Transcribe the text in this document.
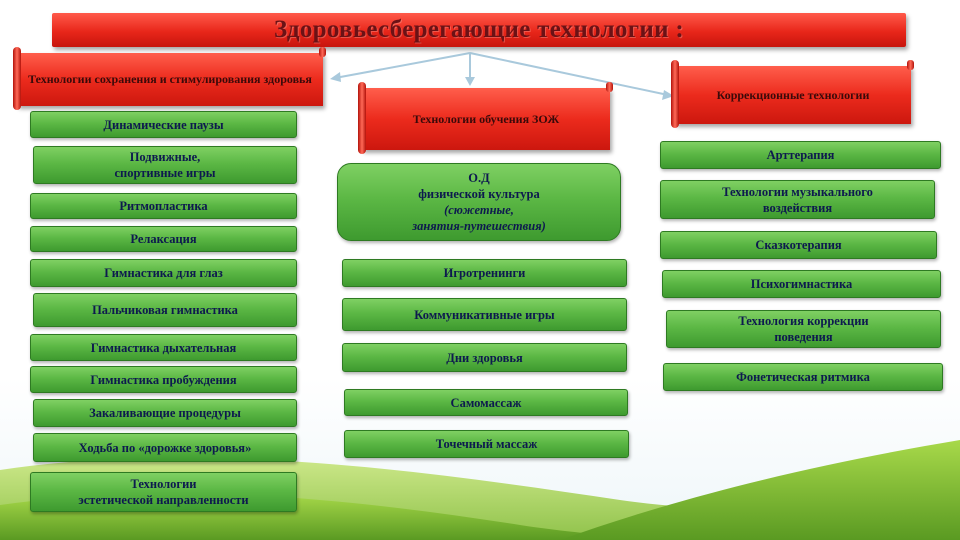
Здоровьесберегающие технологии :
Технологии сохранения и стимулирования здоровья
Технологии обучения ЗОЖ
Коррекционные технологии
Динамические паузы
Подвижные,
спортивные игры
Ритмопластика
Релаксация
Гимнастика для глаз
Пальчиковая гимнастика
Гимнастика дыхательная
Гимнастика пробуждения
Закаливающие процедуры
Ходьба по «дорожке здоровья»
Технологии
эстетической направленности
О.Д
физической культура
(сюжетные,
занятия-путешествия)
Игротренинги
Коммуникативные игры
Дни здоровья
Самомассаж
Точечный массаж
Арттерапия
Технологии музыкального
воздействия
Сказкотерапия
Психогимнастика
Технология коррекции
поведения
Фонетическая ритмика
